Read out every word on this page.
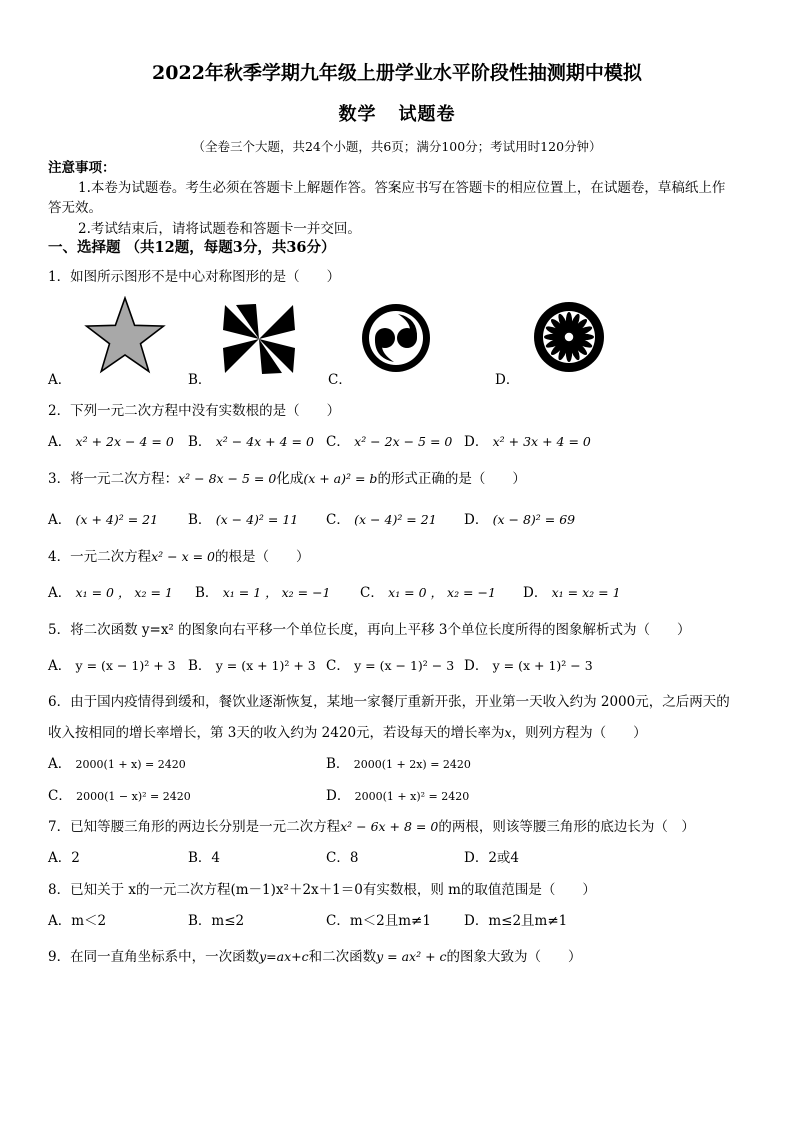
2022年秋季学期九年级上册学业水平阶段性抽测期中模拟
数学 试题卷
（全卷三个大题，共24个小题，共6页；满分100分；考试用时120分钟）
注意事项：
1.本卷为试题卷。考生必须在答题卡上解题作答。答案应书写在答题卡的相应位置上，在试题卷，草稿纸上作
答无效。
2.考试结束后，请将试题卷和答题卡一并交回。
一、选择题 （共12题，每题3分，共36分）
1．如图所示图形不是中心对称图形的是（　　）
A．	B．	C．	D．
2．下列一元二次方程中没有实数根的是（　　）
A． x² + 2x − 4 = 0 B． x² − 4x + 4 = 0 C． x² − 2x − 5 = 0 D． x² + 3x + 4 = 0
3．将一元二次方程：x² − 8x − 5 = 0化成(x + a)² = b的形式正确的是（　　）
A． (x + 4)² = 21 B． (x − 4)² = 11 C． (x − 4)² = 21 D． (x − 8)² = 69
4．一元二次方程x² − x = 0的根是（　　）
A． x₁ = 0 ， x₂ = 1 B． x₁ = 1 ， x₂ = −1 C． x₁ = 0 ， x₂ = −1 D． x₁ = x₂ = 1
5．将二次函数 y=x² 的图象向右平移一个单位长度，再向上平移 3个单位长度所得的图象解析式为（　　）
A． y = (x − 1)² + 3 B． y = (x + 1)² + 3 C． y = (x − 1)² − 3 D． y = (x + 1)² − 3
6．由于国内疫情得到缓和，餐饮业逐渐恢复，某地一家餐厅重新开张，开业第一天收入约为 2000元，之后两天的
收入按相同的增长率增长，第 3天的收入约为 2420元，若设每天的增长率为x，则列方程为（　　）
A． 2000(1 + x) = 2420	B． 2000(1 + 2x) = 2420
C． 2000(1 − x)² = 2420	D． 2000(1 + x)² = 2420
7．已知等腰三角形的两边长分别是一元二次方程x² − 6x + 8 = 0的两根，则该等腰三角形的底边长为（　）
A．2	B．4	C．8	D．2或4
8．已知关于 x的一元二次方程(m－1)x²＋2x＋1＝0有实数根，则 m的取值范围是（　　）
A．m＜2	B．m≤2	C．m＜2且m≠1 D．m≤2且m≠1
9．在同一直角坐标系中，一次函数y=ax+c和二次函数y = ax² + c的图象大致为（　　）
